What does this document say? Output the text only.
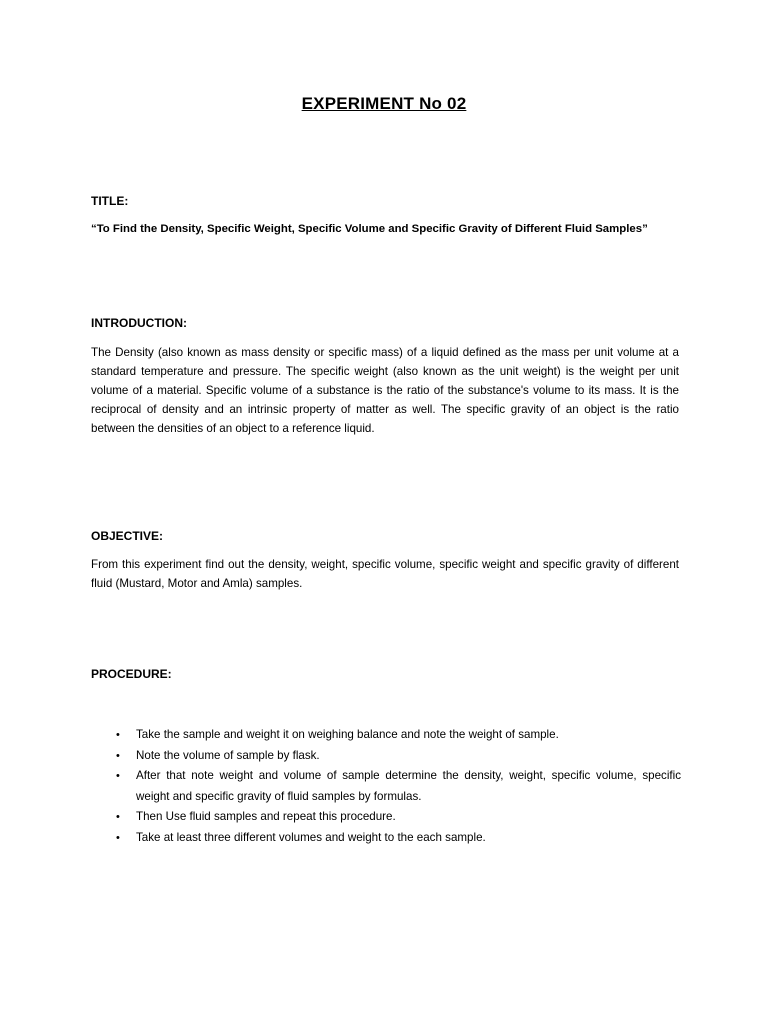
EXPERIMENT No 02
TITLE:
“To Find the Density, Specific Weight, Specific Volume and Specific Gravity of Different Fluid Samples”
INTRODUCTION:
The Density (also known as mass density or specific mass) of a liquid defined as the mass per unit volume at a standard temperature and pressure. The specific weight (also known as the unit weight) is the weight per unit volume of a material. Specific volume of a substance is the ratio of the substance's volume to its mass. It is the reciprocal of density and an intrinsic property of matter as well. The specific gravity of an object is the ratio between the densities of an object to a reference liquid.
OBJECTIVE:
From this experiment find out the density, weight, specific volume, specific weight and specific gravity of different fluid (Mustard, Motor and Amla) samples.
PROCEDURE:
• Take the sample and weight it on weighing balance and note the weight of sample.
• Note the volume of sample by flask.
• After that note weight and volume of sample determine the density, weight, specific volume, specific weight and specific gravity of fluid samples by formulas.
• Then Use fluid samples and repeat this procedure.
• Take at least three different volumes and weight to the each sample.
